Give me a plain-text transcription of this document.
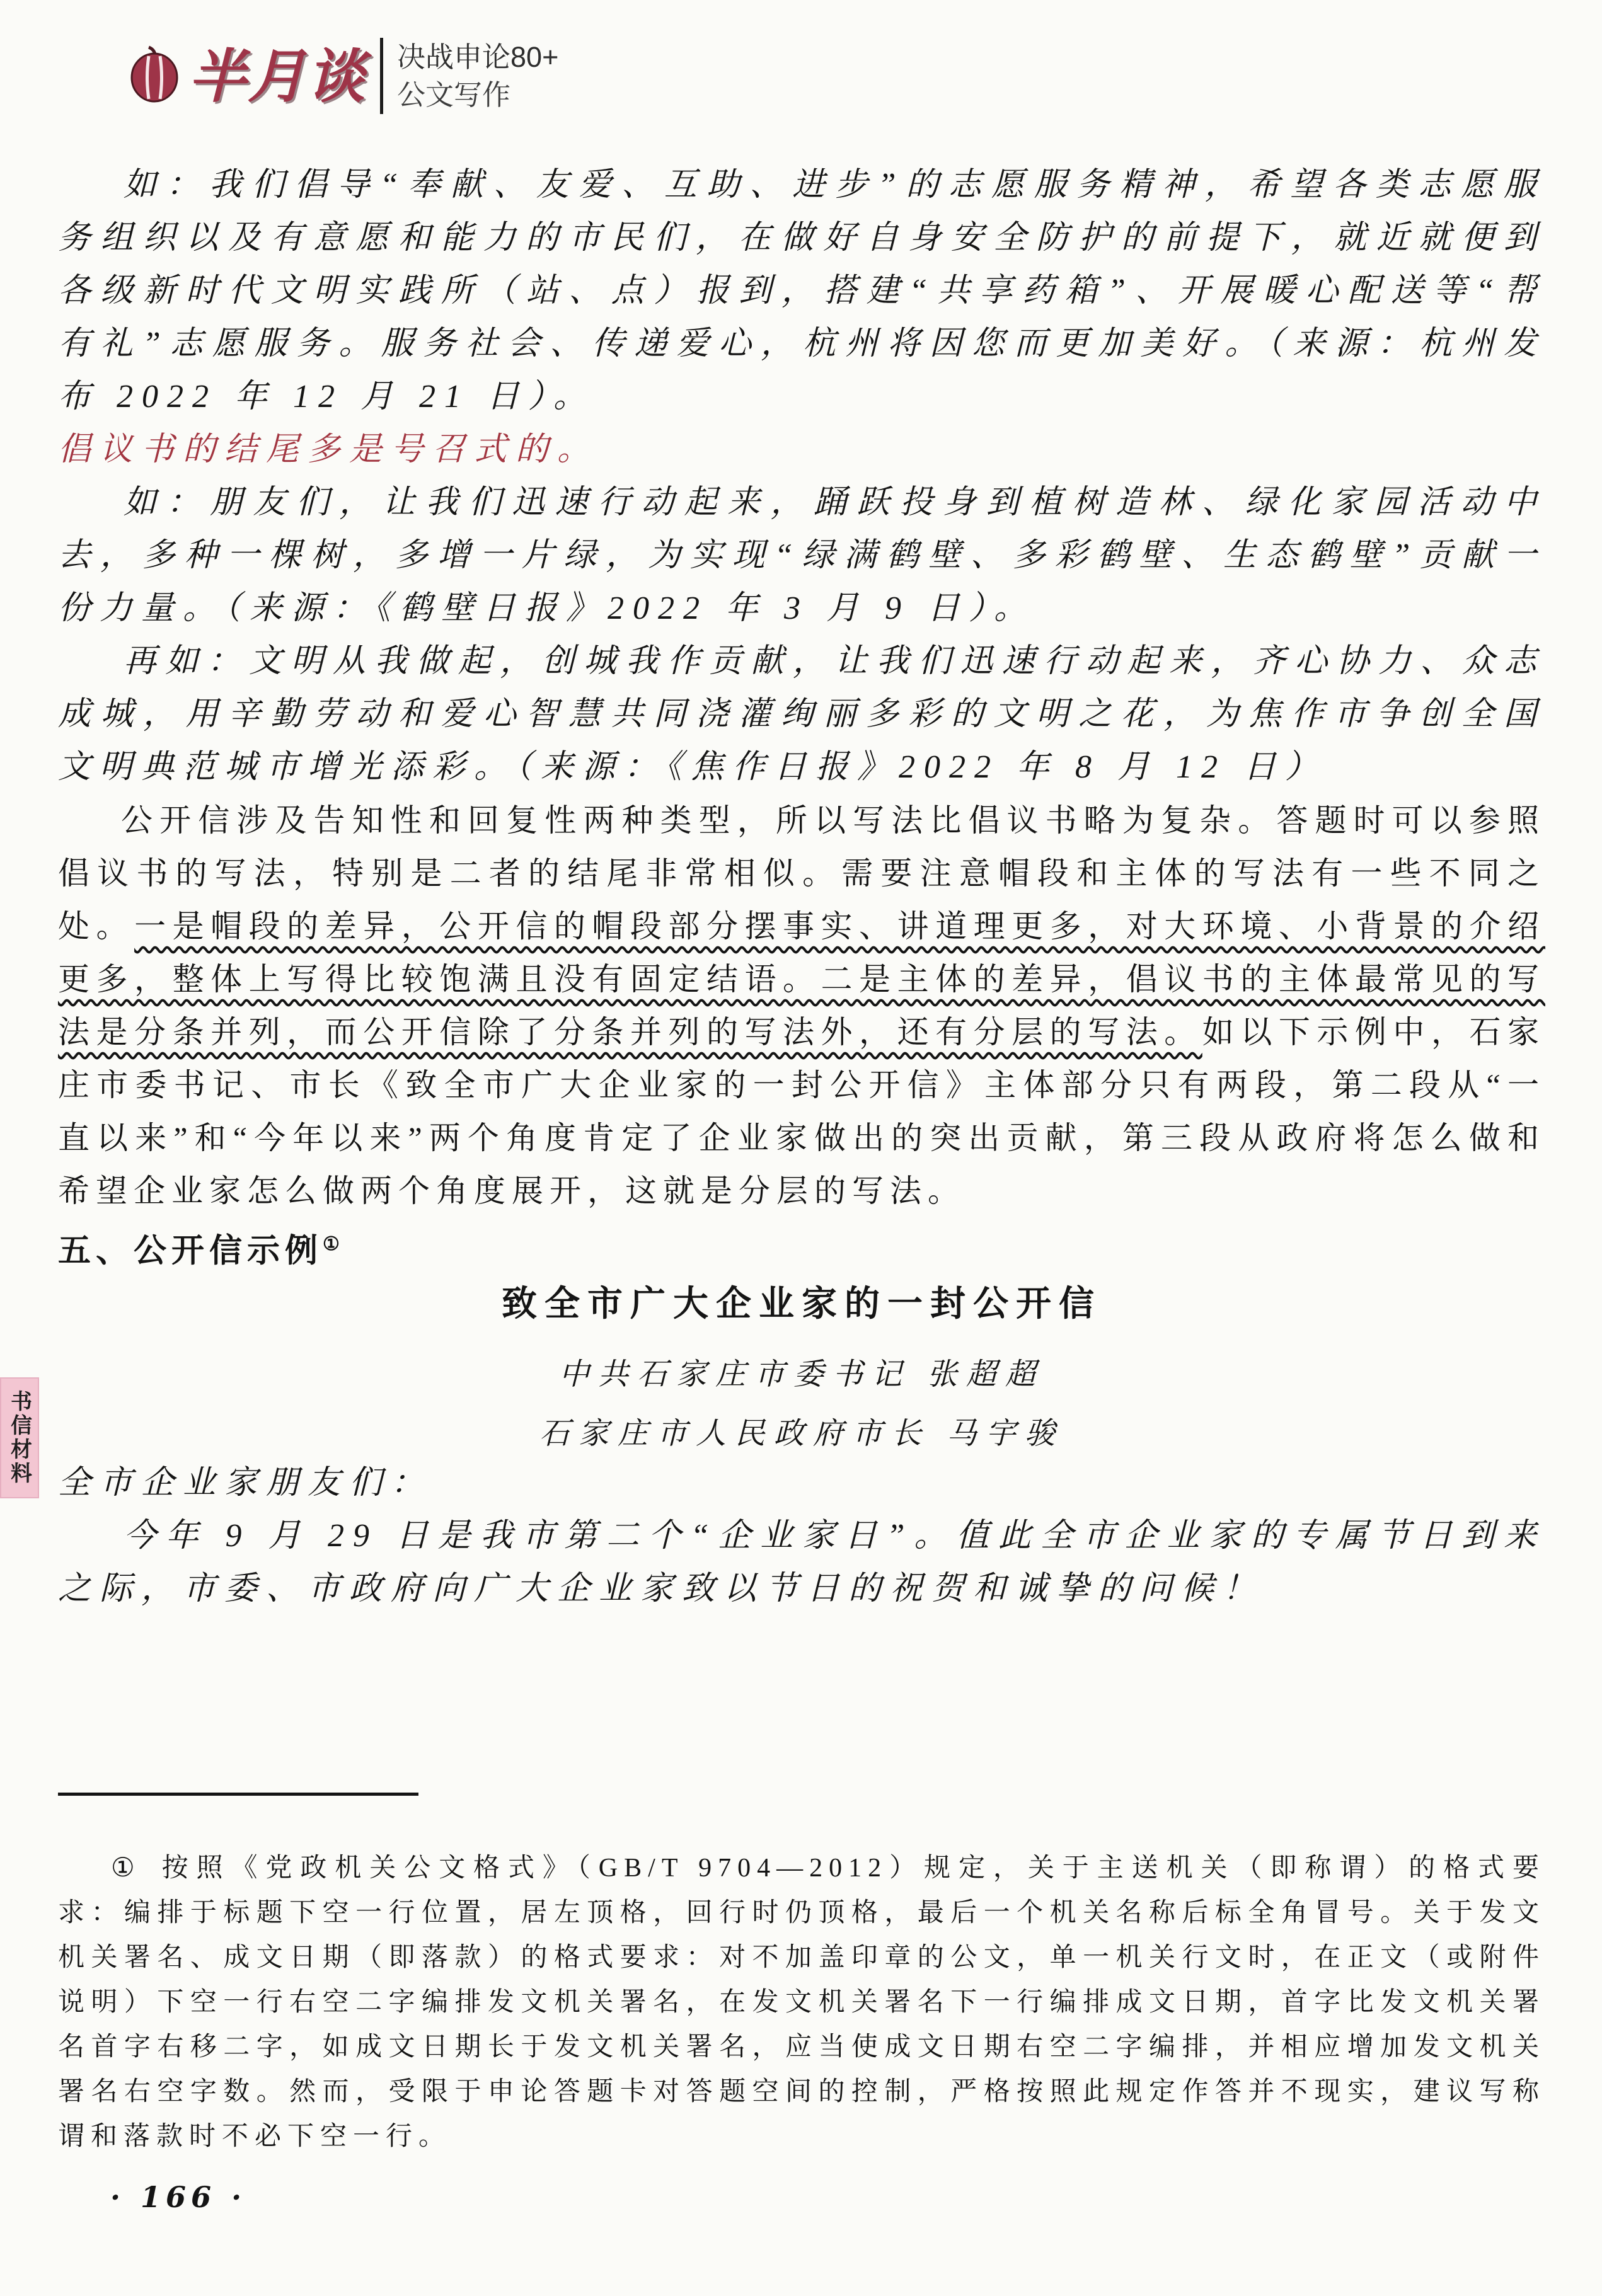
半月谈 决战申论80+
公文写作
书信材料

如：我们倡导“奉献、友爱、互助、进步”的志愿服务精神，希望各类志愿服务组织以及有意愿和能力的市民们，在做好自身安全防护的前提下，就近就便到各级新时代文明实践所（站、点）报到，搭建“共享药箱”、开展暖心配送等“帮有礼”志愿服务。服务社会、传递爱心，杭州将因您而更加美好。（来源：杭州发布 2022 年 12 月 21 日）。

倡议书的结尾多是号召式的。

如：朋友们，让我们迅速行动起来，踊跃投身到植树造林、绿化家园活动中去，多种一棵树，多增一片绿，为实现“绿满鹤壁、多彩鹤壁、生态鹤壁”贡献一份力量。（来源：《鹤壁日报》2022 年 3 月 9 日）。

再如：文明从我做起，创城我作贡献，让我们迅速行动起来，齐心协力、众志成城，用辛勤劳动和爱心智慧共同浇灌绚丽多彩的文明之花，为焦作市争创全国文明典范城市增光添彩。（来源：《焦作日报》2022 年 8 月 12 日）

公开信涉及告知性和回复性两种类型，所以写法比倡议书略为复杂。答题时可以参照倡议书的写法，特别是二者的结尾非常相似。需要注意帽段和主体的写法有一些不同之处。一是帽段的差异，公开信的帽段部分摆事实、讲道理更多，对大环境、小背景的介绍更多，整体上写得比较饱满且没有固定结语。二是主体的差异，倡议书的主体最常见的写法是分条并列，而公开信除了分条并列的写法外，还有分层的写法。如以下示例中，石家庄市委书记、市长《致全市广大企业家的一封公开信》主体部分只有两段，第二段从“一直以来”和“今年以来”两个角度肯定了企业家做出的突出贡献，第三段从政府将怎么做和希望企业家怎么做两个角度展开，这就是分层的写法。

五、公开信示例①

致全市广大企业家的一封公开信

中共石家庄市委书记 张超超

石家庄市人民政府市长 马宇骏

全市企业家朋友们：

今年 9 月 29 日是我市第二个“企业家日”。值此全市企业家的专属节日到来之际，市委、市政府向广大企业家致以节日的祝贺和诚挚的问候！

① 按照《党政机关公文格式》（GB/T 9704—2012）规定，关于主送机关（即称谓）的格式要求：编排于标题下空一行位置，居左顶格，回行时仍顶格，最后一个机关名称后标全角冒号。关于发文机关署名、成文日期（即落款）的格式要求：对不加盖印章的公文，单一机关行文时，在正文（或附件说明）下空一行右空二字编排发文机关署名，在发文机关署名下一行编排成文日期，首字比发文机关署名首字右移二字，如成文日期长于发文机关署名，应当使成文日期右空二字编排，并相应增加发文机关署名右空字数。然而，受限于申论答题卡对答题空间的控制，严格按照此规定作答并不现实，建议写称谓和落款时不必下空一行。

· 166 ·
